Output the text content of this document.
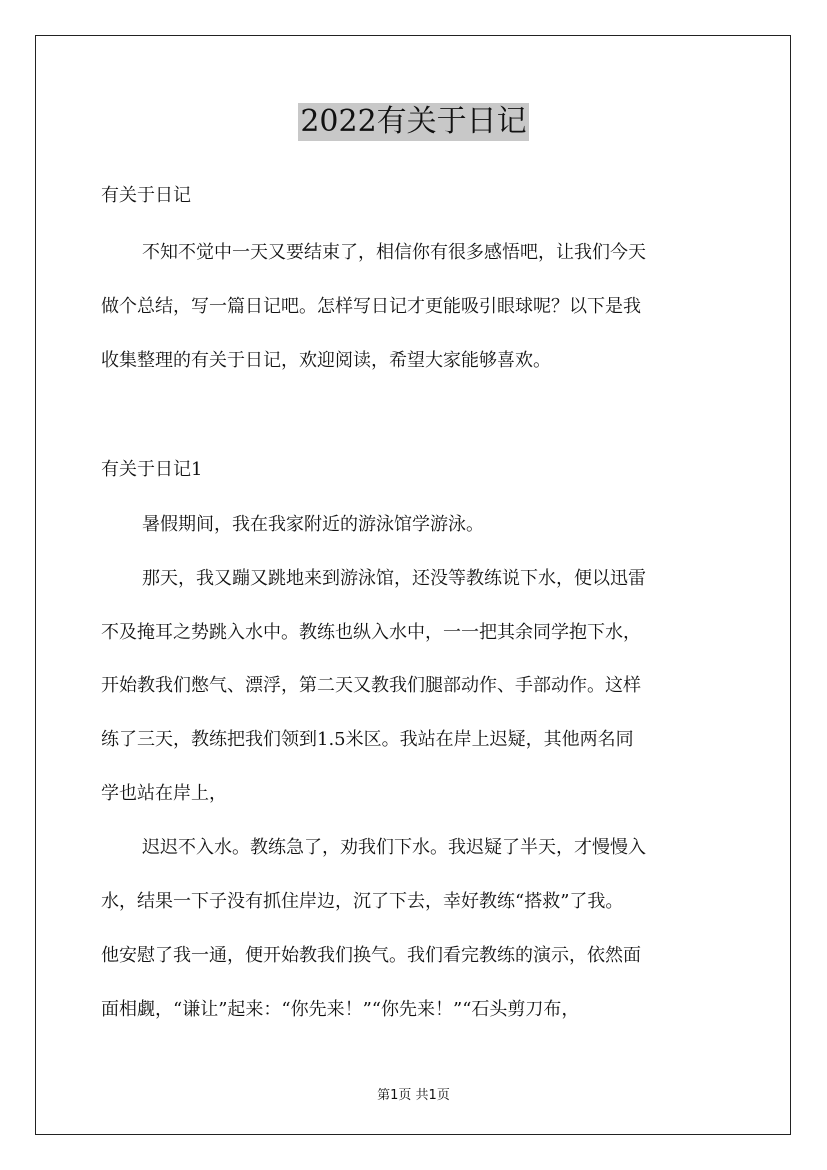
2022有关于日记
有关于日记
不知不觉中一天又要结束了，相信你有很多感悟吧，让我们今天
做个总结，写一篇日记吧。怎样写日记才更能吸引眼球呢？以下是我
收集整理的有关于日记，欢迎阅读，希望大家能够喜欢。
有关于日记1
暑假期间，我在我家附近的游泳馆学游泳。
那天，我又蹦又跳地来到游泳馆，还没等教练说下水，便以迅雷
不及掩耳之势跳入水中。教练也纵入水中，一一把其余同学抱下水，
开始教我们憋气、漂浮，第二天又教我们腿部动作、手部动作。这样
练了三天，教练把我们领到1.5米区。我站在岸上迟疑，其他两名同
学也站在岸上，
迟迟不入水。教练急了，劝我们下水。我迟疑了半天，才慢慢入
水，结果一下子没有抓住岸边，沉了下去，幸好教练“搭救”了我。
他安慰了我一通，便开始教我们换气。我们看完教练的演示，依然面
面相觑，“谦让”起来：“你先来！”“你先来！”“石头剪刀布，
第1页 共1页
